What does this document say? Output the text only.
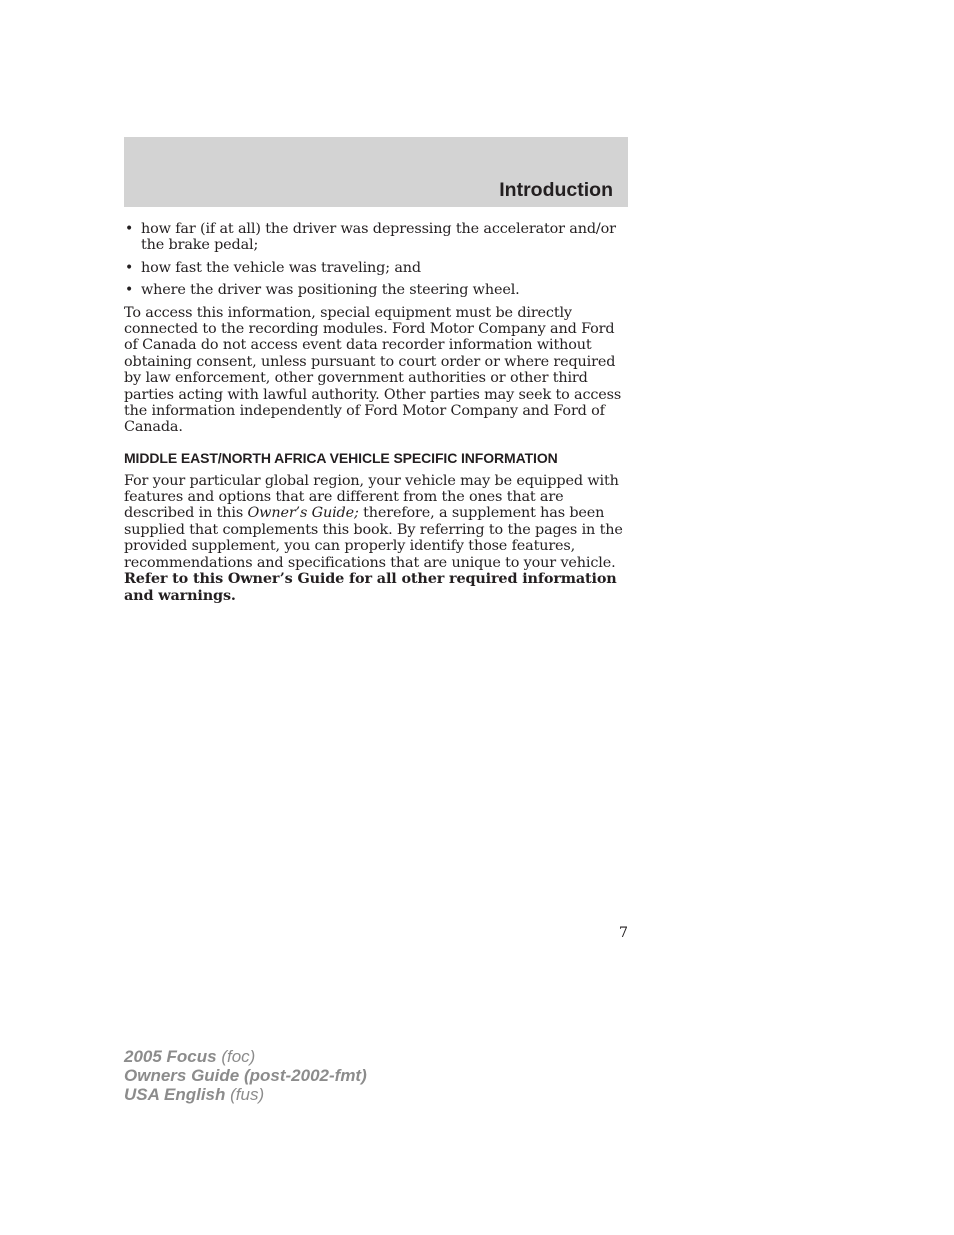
Introduction
• how far (if at all) the driver was depressing the accelerator and/or the brake pedal;
• how fast the vehicle was traveling; and
• where the driver was positioning the steering wheel.

To access this information, special equipment must be directly connected to the recording modules. Ford Motor Company and Ford of Canada do not access event data recorder information without obtaining consent, unless pursuant to court order or where required by law enforcement, other government authorities or other third parties acting with lawful authority. Other parties may seek to access the information independently of Ford Motor Company and Ford of Canada.

MIDDLE EAST/NORTH AFRICA VEHICLE SPECIFIC INFORMATION

For your particular global region, your vehicle may be equipped with features and options that are different from the ones that are described in this Owner’s Guide; therefore, a supplement has been supplied that complements this book. By referring to the pages in the provided supplement, you can properly identify those features, recommendations and specifications that are unique to your vehicle. Refer to this Owner’s Guide for all other required information and warnings.

7
2005 Focus (foc)
Owners Guide (post-2002-fmt)
USA English (fus)
